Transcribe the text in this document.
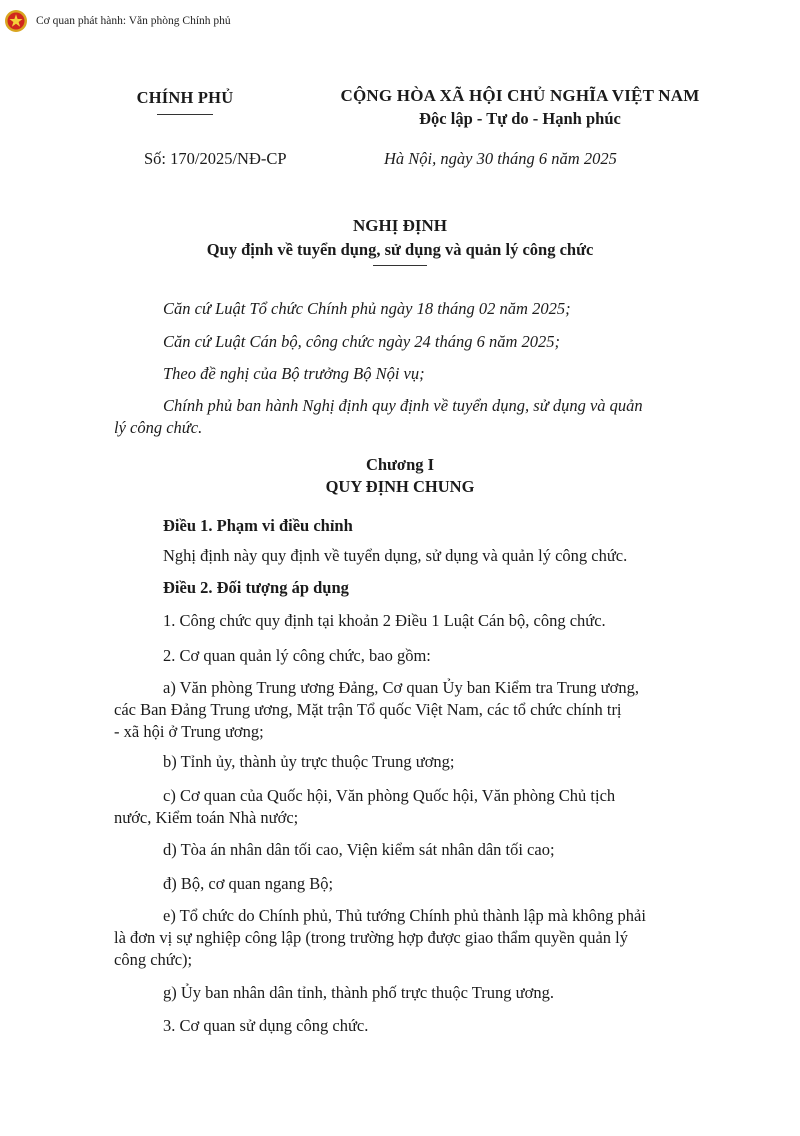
Cơ quan phát hành: Văn phòng Chính phủ
CHÍNH PHỦ	CỘNG HÒA XÃ HỘI CHỦ NGHĨA VIỆT NAM
Độc lập - Tự do - Hạnh phúc
Số: 170/2025/NĐ-CP	Hà Nội, ngày 30 tháng 6 năm 2025
NGHỊ ĐỊNH
Quy định về tuyển dụng, sử dụng và quản lý công chức
Căn cứ Luật Tổ chức Chính phủ ngày 18 tháng 02 năm 2025;
Căn cứ Luật Cán bộ, công chức ngày 24 tháng 6 năm 2025;
Theo đề nghị của Bộ trưởng Bộ Nội vụ;
Chính phủ ban hành Nghị định quy định về tuyển dụng, sử dụng và quản
lý công chức.
Chương I
QUY ĐỊNH CHUNG
Điều 1. Phạm vi điều chỉnh
Nghị định này quy định về tuyển dụng, sử dụng và quản lý công chức.
Điều 2. Đối tượng áp dụng
1. Công chức quy định tại khoản 2 Điều 1 Luật Cán bộ, công chức.
2. Cơ quan quản lý công chức, bao gồm:
a) Văn phòng Trung ương Đảng, Cơ quan Ủy ban Kiểm tra Trung ương,
các Ban Đảng Trung ương, Mặt trận Tổ quốc Việt Nam, các tổ chức chính trị
- xã hội ở Trung ương;
b) Tỉnh ủy, thành ủy trực thuộc Trung ương;
c) Cơ quan của Quốc hội, Văn phòng Quốc hội, Văn phòng Chủ tịch
nước, Kiểm toán Nhà nước;
d) Tòa án nhân dân tối cao, Viện kiểm sát nhân dân tối cao;
đ) Bộ, cơ quan ngang Bộ;
e) Tổ chức do Chính phủ, Thủ tướng Chính phủ thành lập mà không phải
là đơn vị sự nghiệp công lập (trong trường hợp được giao thẩm quyền quản lý
công chức);
g) Ủy ban nhân dân tỉnh, thành phố trực thuộc Trung ương.
3. Cơ quan sử dụng công chức.
